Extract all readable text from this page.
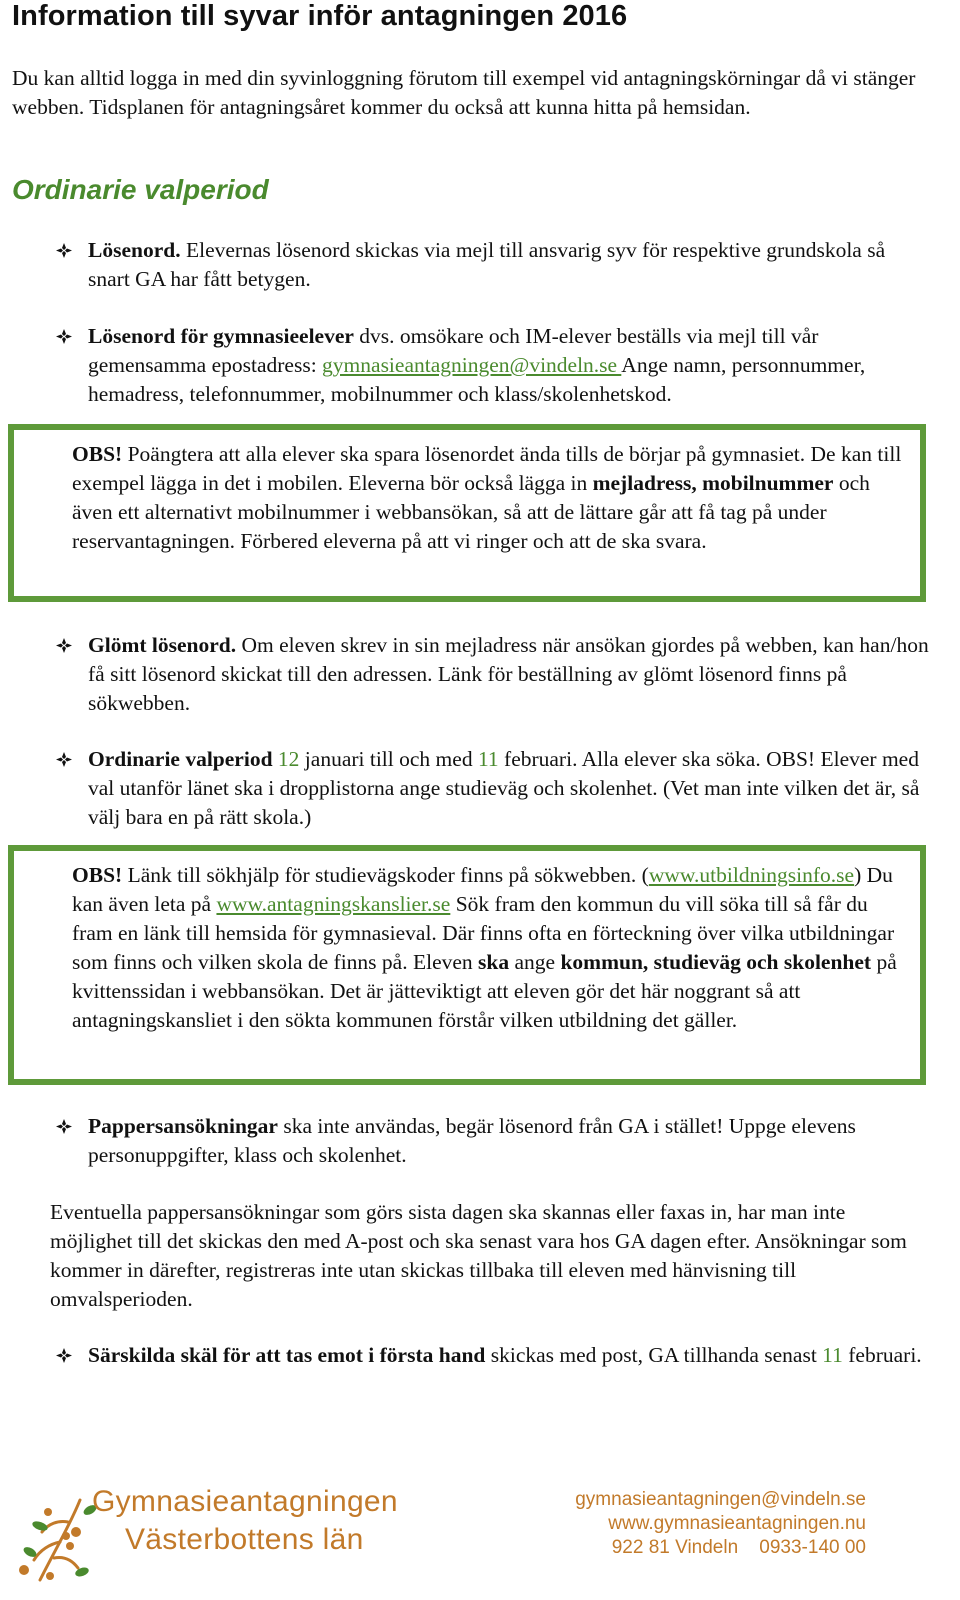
Information till syvar inför antagningen 2016

Du kan alltid logga in med din syvinloggning förutom till exempel vid antagningskörningar då vi stänger webben. Tidsplanen för antagningsåret kommer du också att kunna hitta på hemsidan.

Ordinarie valperiod
Lösenord. Elevernas lösenord skickas via mejl till ansvarig syv för respektive grundskola så snart GA har fått betygen.
Lösenord för gymnasieelever dvs. omsökare och IM-elever beställs via mejl till vår gemensamma epostadress: gymnasieantagningen@vindeln.se Ange namn, personnummer, hemadress, telefonnummer, mobilnummer och klass/skolenhetskod.
OBS! Poängtera att alla elever ska spara lösenordet ända tills de börjar på gymnasiet. De kan till exempel lägga in det i mobilen. Eleverna bör också lägga in mejladress, mobilnummer och även ett alternativt mobilnummer i webbansökan, så att de lättare går att få tag på under reservantagningen. Förbered eleverna på att vi ringer och att de ska svara.
Glömt lösenord. Om eleven skrev in sin mejladress när ansökan gjordes på webben, kan han/hon få sitt lösenord skickat till den adressen. Länk för beställning av glömt lösenord finns på sökwebben.
Ordinarie valperiod 12 januari till och med 11 februari. Alla elever ska söka. OBS! Elever med val utanför länet ska i dropplistorna ange studieväg och skolenhet. (Vet man inte vilken det är, så välj bara en på rätt skola.)
OBS! Länk till sökhjälp för studievägskoder finns på sökwebben. (www.utbildningsinfo.se) Du kan även leta på www.antagningskanslier.se Sök fram den kommun du vill söka till så får du fram en länk till hemsida för gymnasieval. Där finns ofta en förteckning över vilka utbildningar som finns och vilken skola de finns på. Eleven ska ange kommun, studieväg och skolenhet på kvittenssidan i webbansökan. Det är jätteviktigt att eleven gör det här noggrant så att antagningskansliet i den sökta kommunen förstår vilken utbildning det gäller.
Pappersansökningar ska inte användas, begär lösenord från GA i stället! Uppge elevens personuppgifter, klass och skolenhet.

Eventuella pappersansökningar som görs sista dagen ska skannas eller faxas in, har man inte möjlighet till det skickas den med A-post och ska senast vara hos GA dagen efter. Ansökningar som kommer in därefter, registreras inte utan skickas tillbaka till eleven med hänvisning till omvalsperioden.

Särskilda skäl för att tas emot i första hand skickas med post, GA tillhanda senast 11 februari.
Gymnasieantagningen
Västerbottens län
gymnasieantagningen@vindeln.se
www.gymnasieantagningen.nu
922 81 Vindeln 0933-140 00
